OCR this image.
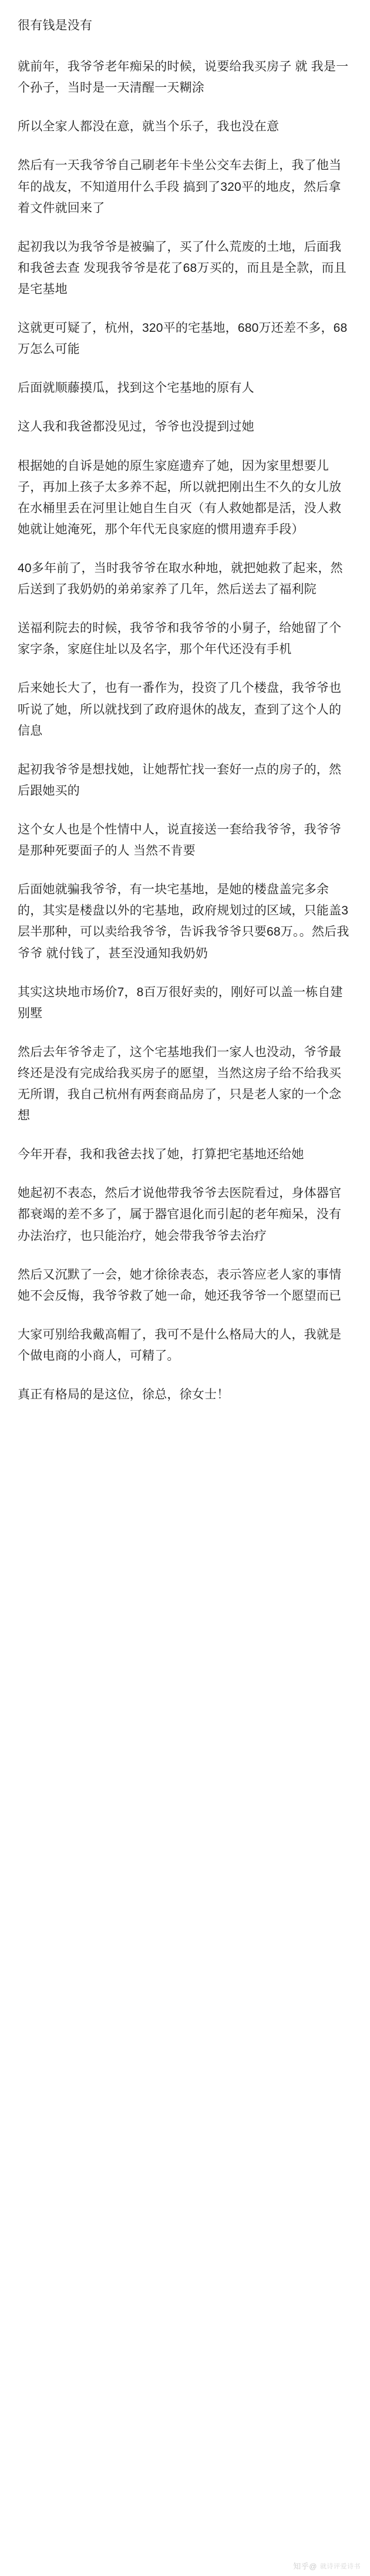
很有钱是没有

就前年，我爷爷老年痴呆的时候，说要给我买房子 就 我是一个孙子，当时是一天清醒一天糊涂

所以全家人都没在意，就当个乐子，我也没在意

然后有一天我爷爷自己刷老年卡坐公交车去街上，我了他当年的战友，不知道用什么手段 搞到了320平的地皮，然后拿着文件就回来了

起初我以为我爷爷是被骗了，买了什么荒废的土地，后面我和我爸去查 发现我爷爷是花了68万买的，而且是全款，而且是宅基地

这就更可疑了，杭州，320平的宅基地，680万还差不多，68万怎么可能

后面就顺藤摸瓜，找到这个宅基地的原有人

这人我和我爸都没见过，爷爷也没提到过她

根据她的自诉是她的原生家庭遗弃了她，因为家里想要儿子，再加上孩子太多养不起，所以就把刚出生不久的女儿放在水桶里丢在河里让她自生自灭（有人救她都是活，没人救她就让她淹死，那个年代无良家庭的惯用遗弃手段）

40多年前了，当时我爷爷在取水种地，就把她救了起来，然后送到了我奶奶的弟弟家养了几年，然后送去了福利院

送福利院去的时候，我爷爷和我爷爷的小舅子，给她留了个家字条，家庭住址以及名字，那个年代还没有手机

后来她长大了，也有一番作为，投资了几个楼盘，我爷爷也听说了她，所以就找到了政府退休的战友，查到了这个人的信息

起初我爷爷是想找她，让她帮忙找一套好一点的房子的，然后跟她买的

这个女人也是个性情中人，说直接送一套给我爷爷，我爷爷是那种死要面子的人 当然不肯要

后面她就骗我爷爷，有一块宅基地，是她的楼盘盖完多余的，其实是楼盘以外的宅基地，政府规划过的区域，只能盖3层半那种，可以卖给我爷爷，告诉我爷爷只要68万。。然后我爷爷 就付钱了，甚至没通知我奶奶

其实这块地市场价7，8百万很好卖的，刚好可以盖一栋自建别墅

然后去年爷爷走了，这个宅基地我们一家人也没动，爷爷最终还是没有完成给我买房子的愿望，当然这房子给不给我买无所谓，我自己杭州有两套商品房了，只是老人家的一个念想

今年开春，我和我爸去找了她，打算把宅基地还给她

她起初不表态，然后才说他带我爷爷去医院看过，身体器官都衰竭的差不多了，属于器官退化而引起的老年痴呆，没有办法治疗，也只能治疗，她会带我爷爷去治疗

然后又沉默了一会，她才徐徐表态，表示答应老人家的事情 她不会反悔，我爷爷救了她一命，她还我爷爷一个愿望而已

大家可别给我戴高帽了，我可不是什么格局大的人，我就是个做电商的小商人，可精了。

真正有格局的是这位，徐总，徐女士！

知乎@ 就诗评爱诗书
